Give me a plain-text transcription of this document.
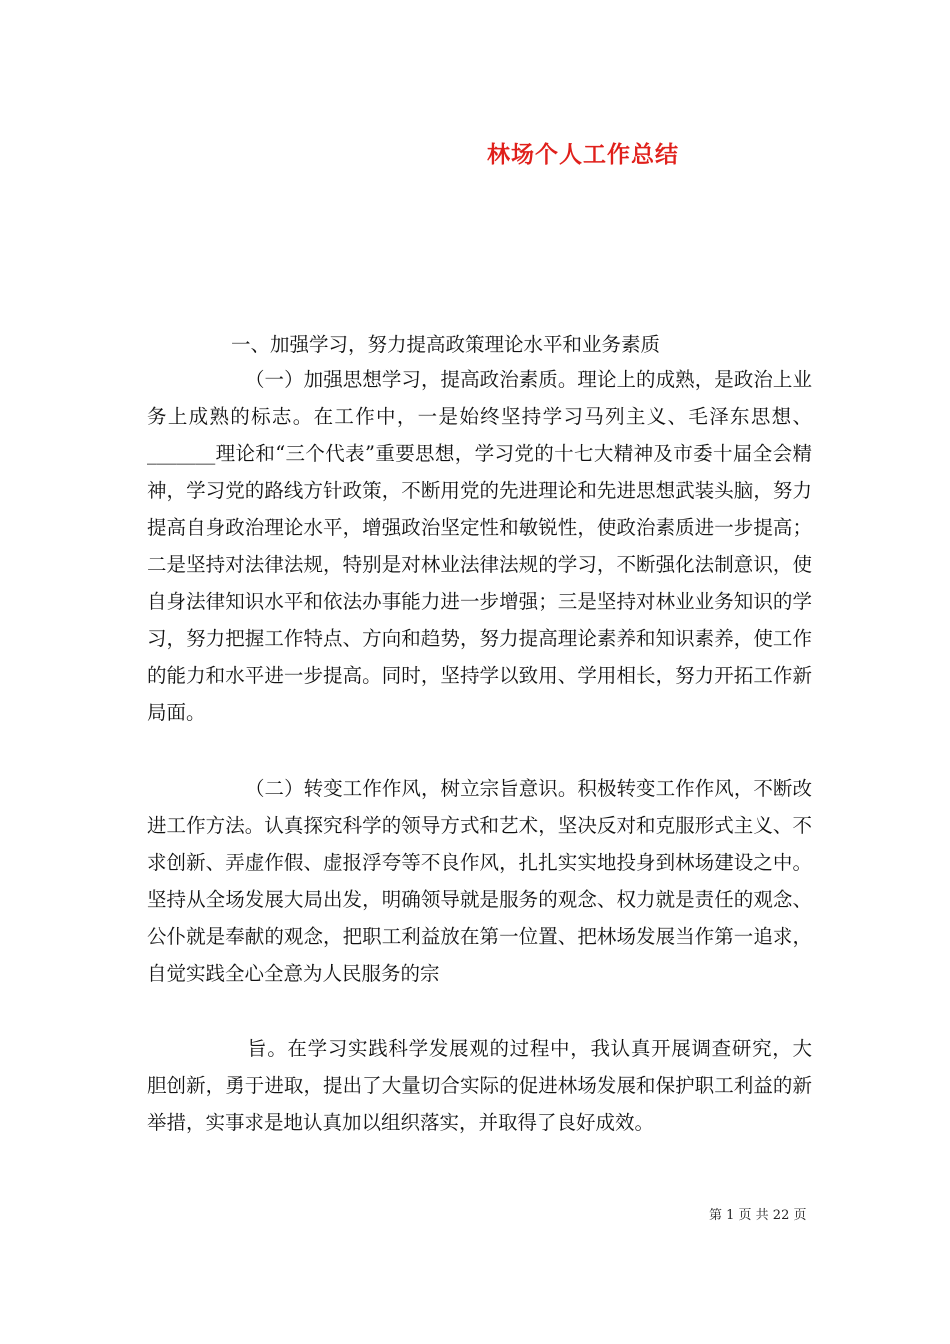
林场个人工作总结

一、加强学习，努力提高政策理论水平和业务素质

（一）加强思想学习，提高政治素质。理论上的成熟，是政治上业务上成熟的标志。在工作中，一是始终坚持学习马列主义、毛泽东思想、_______理论和“三个代表”重要思想，学习党的十七大精神及市委十届全会精神，学习党的路线方针政策，不断用党的先进理论和先进思想武装头脑，努力提高自身政治理论水平，增强政治坚定性和敏锐性，使政治素质进一步提高；二是坚持对法律法规，特别是对林业法律法规的学习，不断强化法制意识，使自身法律知识水平和依法办事能力进一步增强；三是坚持对林业业务知识的学习，努力把握工作特点、方向和趋势，努力提高理论素养和知识素养，使工作的能力和水平进一步提高。同时，坚持学以致用、学用相长，努力开拓工作新局面。

（二）转变工作作风，树立宗旨意识。积极转变工作作风，不断改进工作方法。认真探究科学的领导方式和艺术，坚决反对和克服形式主义、不求创新、弄虚作假、虚报浮夸等不良作风，扎扎实实地投身到林场建设之中。坚持从全场发展大局出发，明确领导就是服务的观念、权力就是责任的观念、公仆就是奉献的观念，把职工利益放在第一位置、把林场发展当作第一追求，自觉实践全心全意为人民服务的宗

旨。在学习实践科学发展观的过程中，我认真开展调查研究，大胆创新，勇于进取，提出了大量切合实际的促进林场发展和保护职工利益的新举措，实事求是地认真加以组织落实，并取得了良好成效。

第 1 页 共 22 页
